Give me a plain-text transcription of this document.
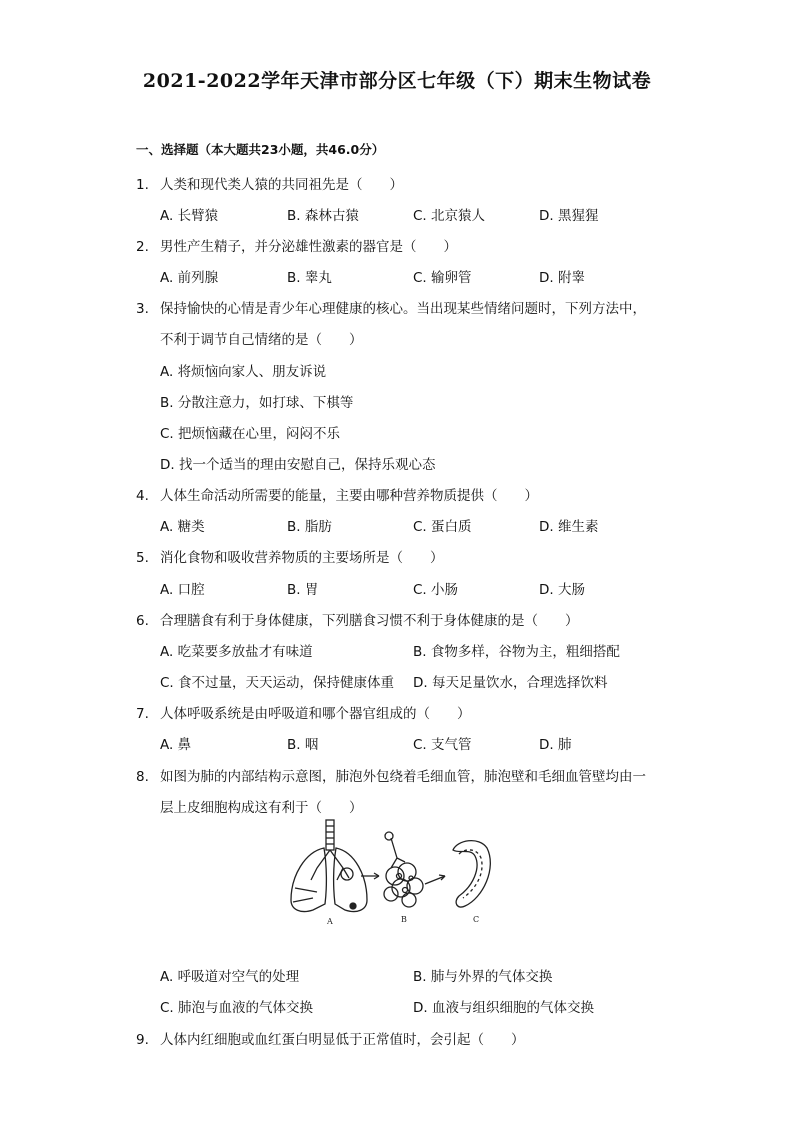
2021-2022学年天津市部分区七年级（下）期末生物试卷
一、选择题（本大题共23小题，共46.0分）
1. 人类和现代类人猿的共同祖先是（　　）
A. 长臂猿	B. 森林古猿	C. 北京猿人	D. 黑猩猩
2. 男性产生精子，并分泌雄性激素的器官是（　　）
A. 前列腺	B. 睾丸	C. 输卵管	D. 附睾
3. 保持愉快的心情是青少年心理健康的核心。当出现某些情绪问题时，下列方法中，
不利于调节自己情绪的是（　　）
A. 将烦恼向家人、朋友诉说
B. 分散注意力，如打球、下棋等
C. 把烦恼藏在心里，闷闷不乐
D. 找一个适当的理由安慰自己，保持乐观心态
4. 人体生命活动所需要的能量，主要由哪种营养物质提供（　　）
A. 糖类	B. 脂肪	C. 蛋白质	D. 维生素
5. 消化食物和吸收营养物质的主要场所是（　　）
A. 口腔	B. 胃	C. 小肠	D. 大肠
6. 合理膳食有利于身体健康，下列膳食习惯不利于身体健康的是（　　）
A. 吃菜要多放盐才有味道	B. 食物多样，谷物为主，粗细搭配
C. 食不过量，天天运动，保持健康体重 D. 每天足量饮水，合理选择饮料
7. 人体呼吸系统是由呼吸道和哪个器官组成的（　　）
A. 鼻	B. 咽	C. 支气管	D. 肺
8. 如图为肺的内部结构示意图，肺泡外包绕着毛细血管，肺泡壁和毛细血管壁均由一
层上皮细胞构成这有利于（　　）
A	B	C
A. 呼吸道对空气的处理	B. 肺与外界的气体交换
C. 肺泡与血液的气体交换	D. 血液与组织细胞的气体交换
9. 人体内红细胞或血红蛋白明显低于正常值时，会引起（　　）
